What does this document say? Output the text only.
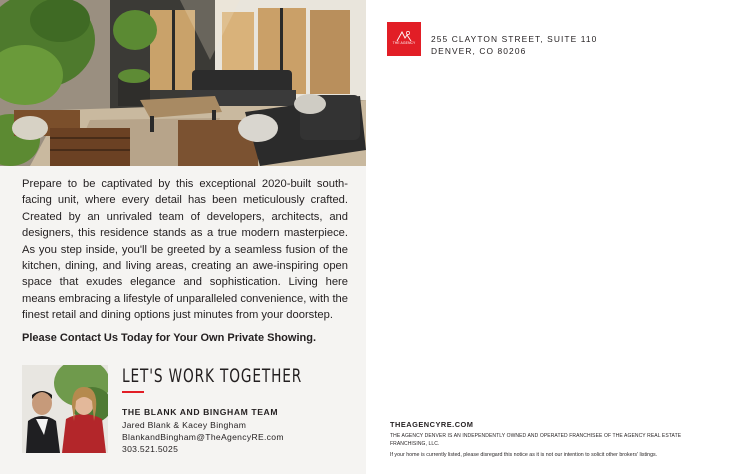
Prepare to be captivated by this exceptional 2020-built south-facing unit, where every detail has been meticulously crafted. Created by an unrivaled team of developers, architects, and designers, this residence stands as a true modern masterpiece. As you step inside, you'll be greeted by a seamless fusion of the kitchen, dining, and living areas, creating an awe-inspiring open space that exudes elegance and sophistication. Living here means embracing a lifestyle of unparalleled convenience, with the finest retail and dining options just minutes from your doorstep.

Please Contact Us Today for Your Own Private Showing.

LET'S WORK TOGETHER
THE BLANK AND BINGHAM TEAM
Jared Blank & Kacey Bingham
BlankandBingham@TheAgencyRE.com
303.521.5025
THE AGENCY	255 CLAYTON STREET, SUITE 110
DENVER, CO 80206
THEAGENCYRE.COM
THE AGENCY DENVER IS AN INDEPENDENTLY OWNED AND OPERATED FRANCHISEE OF THE AGENCY REAL ESTATE FRANCHISING, LLC.
If your home is currently listed, please disregard this notice as it is not our intention to solicit other brokers' listings.
